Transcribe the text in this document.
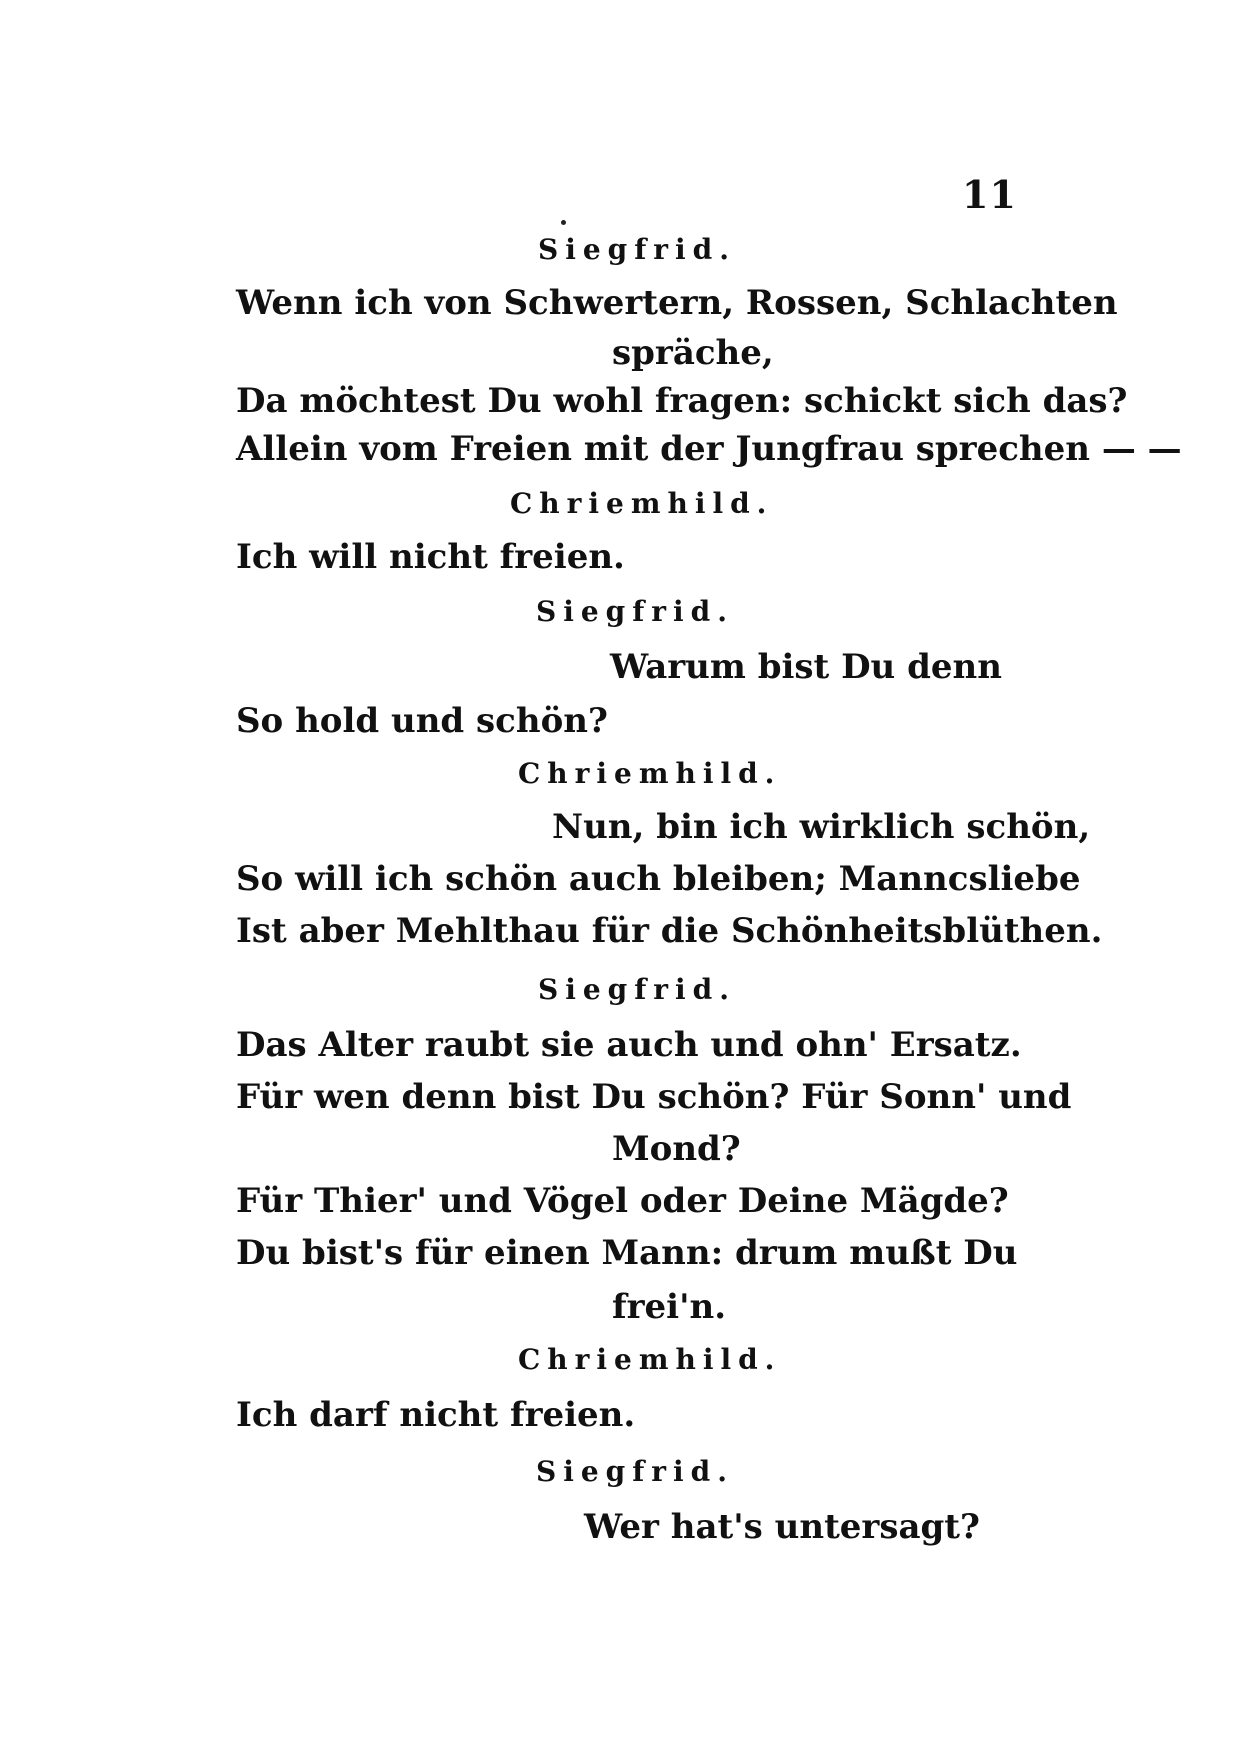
11
Siegfrid.
Wenn ich von Schwertern, Rossen, Schlachten
spräche,
Da möchtest Du wohl fragen: schickt sich das?
Allein vom Freien mit der Jungfrau sprechen — —
Chriemhild.
Ich will nicht freien.
Siegfrid.
Warum bist Du denn
So hold und schön?
Chriemhild.
Nun, bin ich wirklich schön,
So will ich schön auch bleiben; Manncsliebe
Ist aber Mehlthau für die Schönheitsblüthen.
Siegfrid.
Das Alter raubt sie auch und ohn' Ersatz.
Für wen denn bist Du schön? Für Sonn' und
Mond?
Für Thier' und Vögel oder Deine Mägde?
Du bist's für einen Mann: drum mußt Du
frei'n.
Chriemhild.
Ich darf nicht freien.
Siegfrid.
Wer hat's untersagt?
